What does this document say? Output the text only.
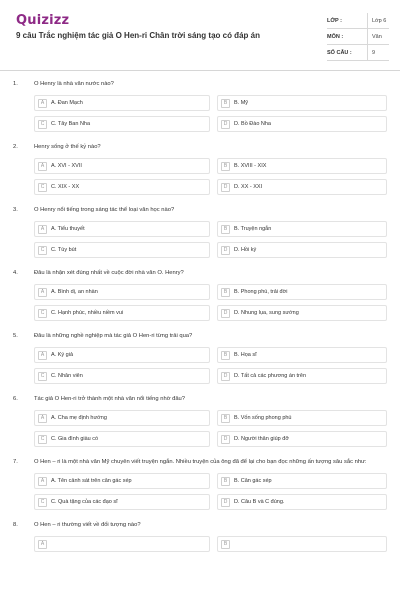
Quizizz
9 câu Trắc nghiệm tác giả O Hen-ri Chân trời sáng tạo có đáp án
LỚP :	Lớp 6
MÔN :	Văn
SỐ CÂU :	9
1.	O Henry là nhà văn nước nào?
A	A. Đan Mạch	B	B. Mỹ
C	C. Tây Ban Nha	D	D. Bồ Đào Nha
2.	Henry sống ở thế kỷ nào?
A	A. XVI - XVII	B	B. XVIII - XIX
C	C. XIX - XX	D	D. XX - XXI
3.	O Henry nổi tiếng trong sáng tác thể loại văn học nào?
A	A. Tiểu thuyết	B	B. Truyện ngắn
C	C. Tùy bút	D	D. Hồi ký
4.	Đâu là nhận xét đúng nhất về cuộc đời nhà văn O. Henry?
A	A. Bình dị, an nhàn	B	B. Phong phú, trải đời
C	C. Hạnh phúc, nhiều niềm vui	D	D. Nhung lụa, sung sướng
5.	Đâu là những nghề nghiệp mà tác giả O Hen-ri từng trải qua?
A	A. Ký giả	B	B. Họa sĩ
C	C. Nhân viên	D	D. Tất cả các phương án trên
6.	Tác giả O Hen-ri trở thành một nhà văn nổi tiếng nhờ đâu?
A	A. Cha mẹ định hướng	B	B. Vốn sống phong phú
C	C. Gia đình giàu có	D	D. Người thân giúp đỡ
7.	O Hen – ri là một nhà văn Mỹ chuyên viết truyện ngắn. Nhiều truyện của ông đã để lại cho bạn đọc những ấn tượng sâu sắc như:
A	A. Tên cảnh sát trên cân gác xép	B	B. Cân gác xép
C	C. Quà tặng của các đạo sĩ	D	D. Câu B và C đúng.
8.	O Hen – ri thường viết về đối tượng nào?
A	B
